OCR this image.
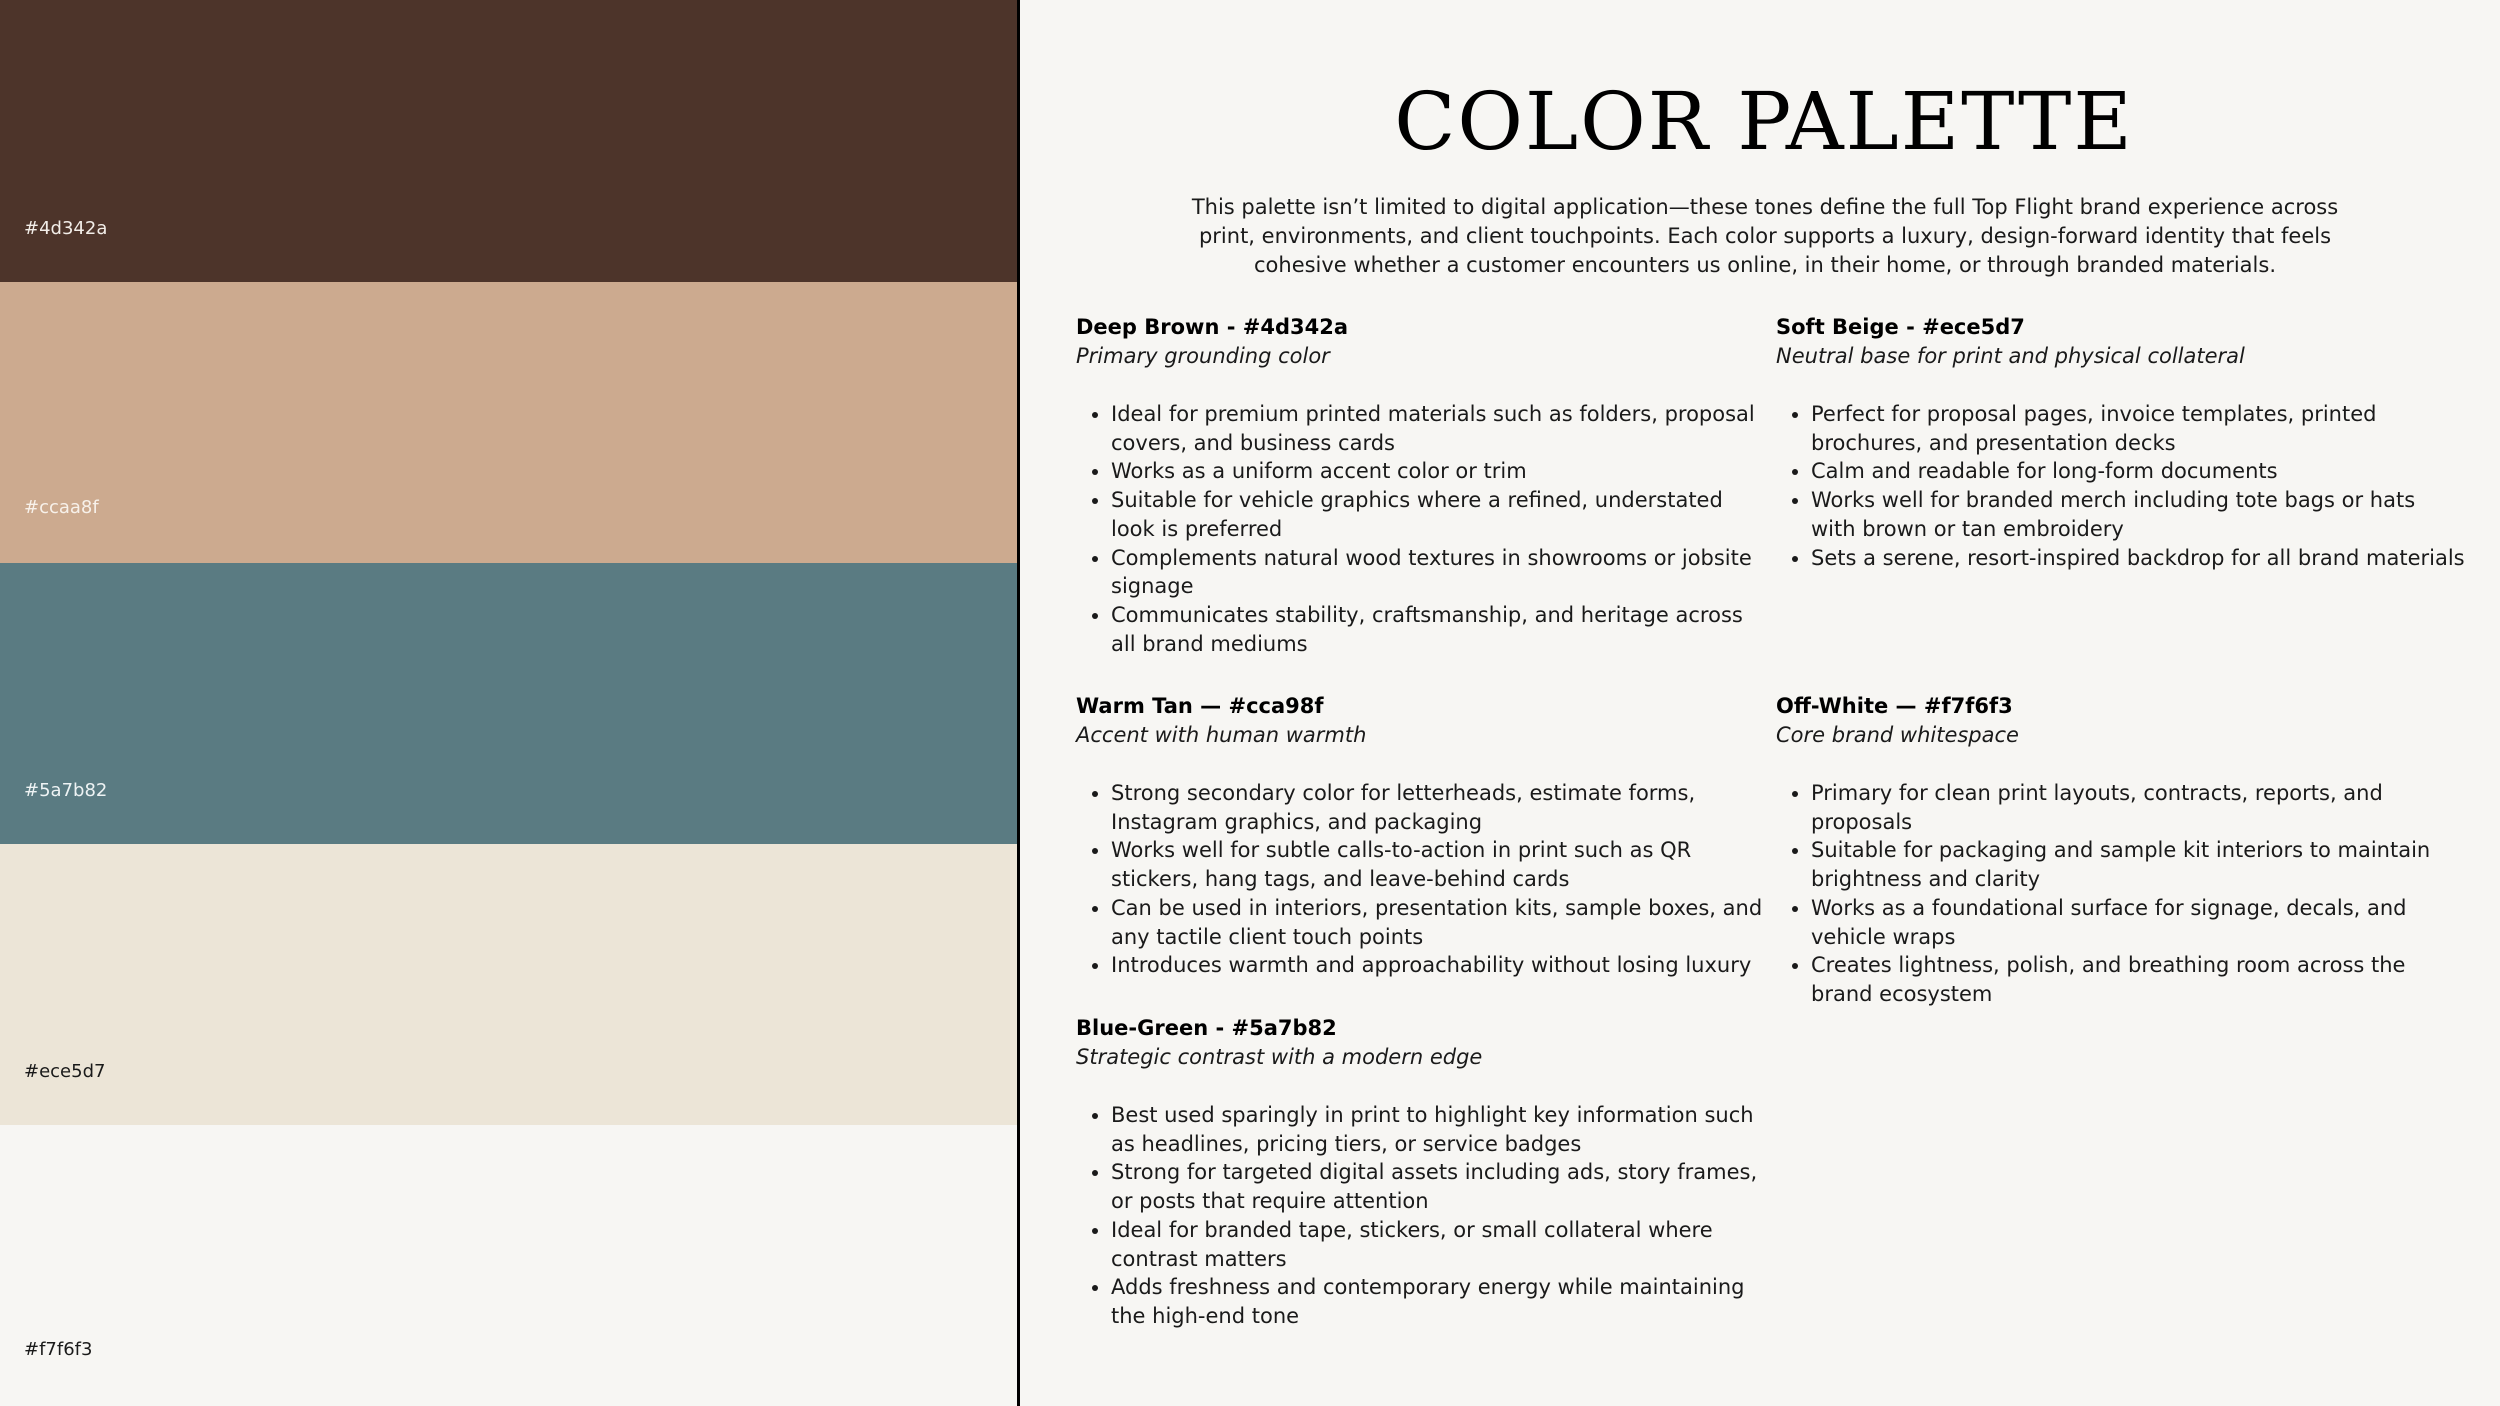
#4d342a
#ccaa8f
#5a7b82
#ece5d7
#f7f6f3
COLOR PALETTE

This palette isn’t limited to digital application—these tones define the full Top Flight brand experience across print, environments, and client touchpoints. Each color supports a luxury, design-forward identity that feels cohesive whether a customer encounters us online, in their home, or through branded materials.

Deep Brown - #4d342a

Primary grounding color

• Ideal for premium printed materials such as folders, proposal covers, and business cards
• Works as a uniform accent color or trim
• Suitable for vehicle graphics where a refined, understated look is preferred
• Complements natural wood textures in showrooms or jobsite signage
• Communicates stability, craftsmanship, and heritage across all brand mediums

Soft Beige - #ece5d7

Neutral base for print and physical collateral

• Perfect for proposal pages, invoice templates, printed brochures, and presentation decks
• Calm and readable for long-form documents
• Works well for branded merch including tote bags or hats with brown or tan embroidery
• Sets a serene, resort-inspired backdrop for all brand materials

Warm Tan — #cca98f

Accent with human warmth

• Strong secondary color for letterheads, estimate forms, Instagram graphics, and packaging
• Works well for subtle calls-to-action in print such as QR stickers, hang tags, and leave-behind cards
• Can be used in interiors, presentation kits, sample boxes, and any tactile client touch points
• Introduces warmth and approachability without losing luxury

Off-White — #f7f6f3

Core brand whitespace

• Primary for clean print layouts, contracts, reports, and proposals
• Suitable for packaging and sample kit interiors to maintain brightness and clarity
• Works as a foundational surface for signage, decals, and vehicle wraps
• Creates lightness, polish, and breathing room across the brand ecosystem

Blue-Green - #5a7b82

Strategic contrast with a modern edge

• Best used sparingly in print to highlight key information such as headlines, pricing tiers, or service badges
• Strong for targeted digital assets including ads, story frames, or posts that require attention
• Ideal for branded tape, stickers, or small collateral where contrast matters
• Adds freshness and contemporary energy while maintaining the high-end tone
